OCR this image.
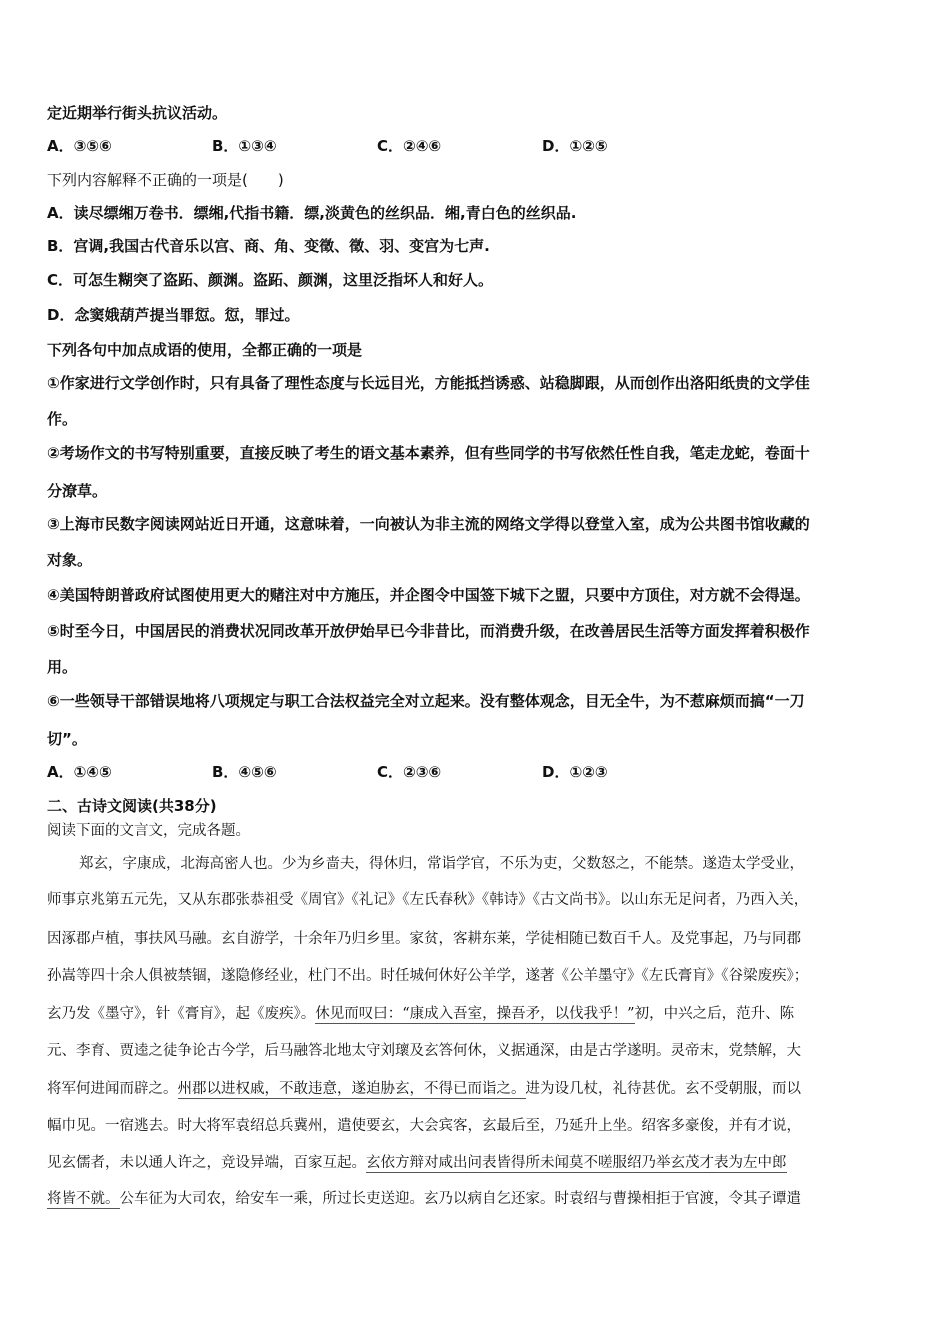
定近期举行街头抗议活动。
A．③⑤⑥	B．①③④	C．②④⑥	D．①②⑤
下列内容解释不正确的一项是(　　)
A．读尽缥缃万卷书．缥缃,代指书籍．缥,淡黄色的丝织品．缃,青白色的丝织品.
B．宫调,我国古代音乐以宫、商、角、变徵、徵、羽、变宫为七声.
C．可怎生糊突了盗跖、颜渊。盗跖、颜渊，这里泛指坏人和好人。
D．念窦娥葫芦提当罪愆。愆，罪过。
下列各句中加点成语的使用，全都正确的一项是
①作家进行文学创作时，只有具备了理性态度与长远目光，方能抵挡诱惑、站稳脚跟，从而创作出洛阳纸贵的文学佳
作。
②考场作文的书写特别重要，直接反映了考生的语文基本素养，但有些同学的书写依然任性自我，笔走龙蛇，卷面十
分潦草。
③上海市民数字阅读网站近日开通，这意味着，一向被认为非主流的网络文学得以登堂入室，成为公共图书馆收藏的
对象。
④美国特朗普政府试图使用更大的赌注对中方施压，并企图令中国签下城下之盟，只要中方顶住，对方就不会得逞。
⑤时至今日，中国居民的消费状况同改革开放伊始早已今非昔比，而消费升级，在改善居民生活等方面发挥着积极作
用。
⑥一些领导干部错误地将八项规定与职工合法权益完全对立起来。没有整体观念，目无全牛，为不惹麻烦而搞“一刀
切”。
A．①④⑤	B．④⑤⑥	C．②③⑥	D．①②③
二、古诗文阅读(共38分)
阅读下面的文言文，完成各题。
郑玄，字康成，北海高密人也。少为乡啬夫，得休归，常诣学官，不乐为吏，父数怒之，不能禁。遂造太学受业，
师事京兆第五元先，又从东郡张恭祖受《周官》《礼记》《左氏春秋》《韩诗》《古文尚书》。以山东无足问者，乃西入关，
因涿郡卢植，事扶风马融。玄自游学，十余年乃归乡里。家贫，客耕东莱，学徒相随已数百千人。及党事起，乃与同郡
孙嵩等四十余人俱被禁锢，遂隐修经业，杜门不出。时任城何休好公羊学，遂著《公羊墨守》《左氏膏肓》《谷梁废疾》；
玄乃发《墨守》，针《膏肓》，起《废疾》。休见而叹曰：“康成入吾室，操吾矛，以伐我乎！”初，中兴之后，范升、陈
元、李育、贾逵之徒争论古今学，后马融答北地太守刘瓌及玄答何休，义据通深，由是古学遂明。灵帝末，党禁解，大
将军何进闻而辟之。州郡以进权戚，不敢违意，遂迫胁玄，不得已而诣之。进为设几杖，礼待甚优。玄不受朝服，而以
幅巾见。一宿逃去。时大将军袁绍总兵冀州，遣使要玄，大会宾客，玄最后至，乃延升上坐。绍客多豪俊，并有才说，
见玄儒者，未以通人许之，竞设异端，百家互起。玄依方辩对咸出问表皆得所未闻莫不嗟服绍乃举玄茂才表为左中郎
将皆不就。公车征为大司农，给安车一乘，所过长吏送迎。玄乃以病自乞还家。时袁绍与曹操相拒于官渡，令其子谭遣
